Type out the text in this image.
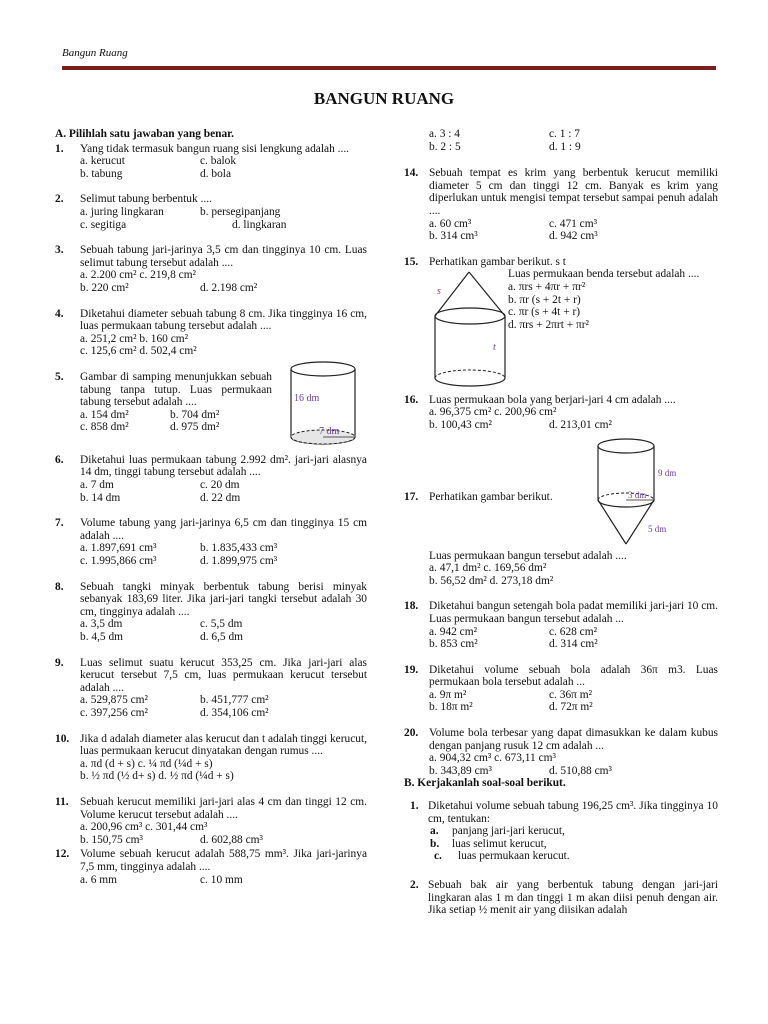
Bangun Ruang
BANGUN RUANG
A. Pilihlah satu jawaban yang benar.
1. Yang tidak termasuk bangun ruang sisi lengkung adalah ....
a. kerucut	c. balok
b. tabung	d. bola
2. Selimut tabung berbentuk ....
a. juring lingkaran	b. persegipanjang
c. segitiga	d. lingkaran
3. Sebuah tabung jari-jarinya 3,5 cm dan tingginya 10 cm. Luas selimut tabung tersebut adalah ....
a. 2.200 cm² c. 219,8 cm²
b. 220 cm²	d. 2.198 cm²
4. Diketahui diameter sebuah tabung 8 cm. Jika tingginya 16 cm, luas permukaan tabung tersebut adalah ....
a. 251,2 cm² b. 160 cm²
c. 125,6 cm² d. 502,4 cm²
5. Gambar di samping menunjukkan sebuah tabung tanpa tutup. Luas permukaan tabung tersebut adalah ....
a. 154 dm²	b. 704 dm²
c. 858 dm²	d. 975 dm²
16 dm
7 dm
6. Diketahui luas permukaan tabung 2.992 dm². jari-jari alasnya 14 dm, tinggi tabung tersebut adalah ....
a. 7 dm	c. 20 dm
b. 14 dm	d. 22 dm
7. Volume tabung yang jari-jarinya 6,5 cm dan tingginya 15 cm adalah ....
a. 1.897,691 cm³	b. 1.835,433 cm³
c. 1.995,866 cm³	d. 1.899,975 cm³
8. Sebuah tangki minyak berbentuk tabung berisi minyak sebanyak 183,69 liter. Jika jari-jari tangki tersebut adalah 30 cm, tingginya adalah ....
a. 3,5 dm	c. 5,5 dm
b. 4,5 dm	d. 6,5 dm
9. Luas selimut suatu kerucut 353,25 cm. Jika jari-jari alas kerucut tersebut 7,5 cm, luas permukaan kerucut tersebut adalah ....
a. 529,875 cm²	b. 451,777 cm²
c. 397,256 cm²	d. 354,106 cm²
10. Jika d adalah diameter alas kerucut dan t adalah tinggi kerucut, luas permukaan kerucut dinyatakan dengan rumus ....
a. πd (d + s) c. ¼ πd (¼d + s)
b. ½ πd (½ d+ s) d. ½ πd (¼d + s)
11. Sebuah kerucut memiliki jari-jari alas 4 cm dan tinggi 12 cm. Volume kerucut tersebut adalah ....
a. 200,96 cm³ c. 301,44 cm³
b. 150,75 cm³	d. 602,88 cm³
12. Volume sebuah kerucut adalah 588,75 mm³. Jika jari-jarinya 7,5 mm, tingginya adalah ....
a. 6 mm	c. 10 mm
a. 3 : 4	c. 1 : 7
b. 2 : 5	d. 1 : 9
14. Sebuah tempat es krim yang berbentuk kerucut memiliki diameter 5 cm dan tinggi 12 cm. Banyak es krim yang diperlukan untuk mengisi tempat tersebut sampai penuh adalah ....
a. 60 cm³	c. 471 cm³
b. 314 cm³	d. 942 cm³
15. Perhatikan gambar berikut. s t
Luas permukaan benda tersebut adalah ....
a. πrs + 4πr + πr²
b. πr (s + 2t + r)
c. πr (s + 4t + r)
d. πrs + 2πrt + πr²
s
t
16. Luas permukaan bola yang berjari-jari 4 cm adalah ....
a. 96,375 cm² c. 200,96 cm²
b. 100,43 cm²	d. 213,01 cm²
9 dm
3 dm
5 dm
17. Perhatikan gambar berikut.
Luas permukaan bangun tersebut adalah ....
a. 47,1 dm² c. 169,56 dm²
b. 56,52 dm² d. 273,18 dm²
18. Diketahui bangun setengah bola padat memiliki jari-jari 10 cm. Luas permukaan bangun tersebut adalah ...
a. 942 cm²	c. 628 cm²
b. 853 cm²	d. 314 cm²
19. Diketahui volume sebuah bola adalah 36π m3. Luas permukaan bola tersebut adalah ...
a. 9π m²	c. 36π m²
b. 18π m²	d. 72π m²
20. Volume bola terbesar yang dapat dimasukkan ke dalam kubus dengan panjang rusuk 12 cm adalah ...
a. 904,32 cm³ c. 673,11 cm³
b. 343,89 cm³	d. 510,88 cm³
B. Kerjakanlah soal-soal berikut.
1. Diketahui volume sebuah tabung 196,25 cm³. Jika tingginya 10 cm, tentukan:
a. panjang jari-jari kerucut,
b. luas selimut kerucut,
c. luas permukaan kerucut.
2. Sebuah bak air yang berbentuk tabung dengan jari-jari lingkaran alas 1 m dan tinggi 1 m akan diisi penuh dengan air. Jika setiap ½ menit air yang diisikan adalah
